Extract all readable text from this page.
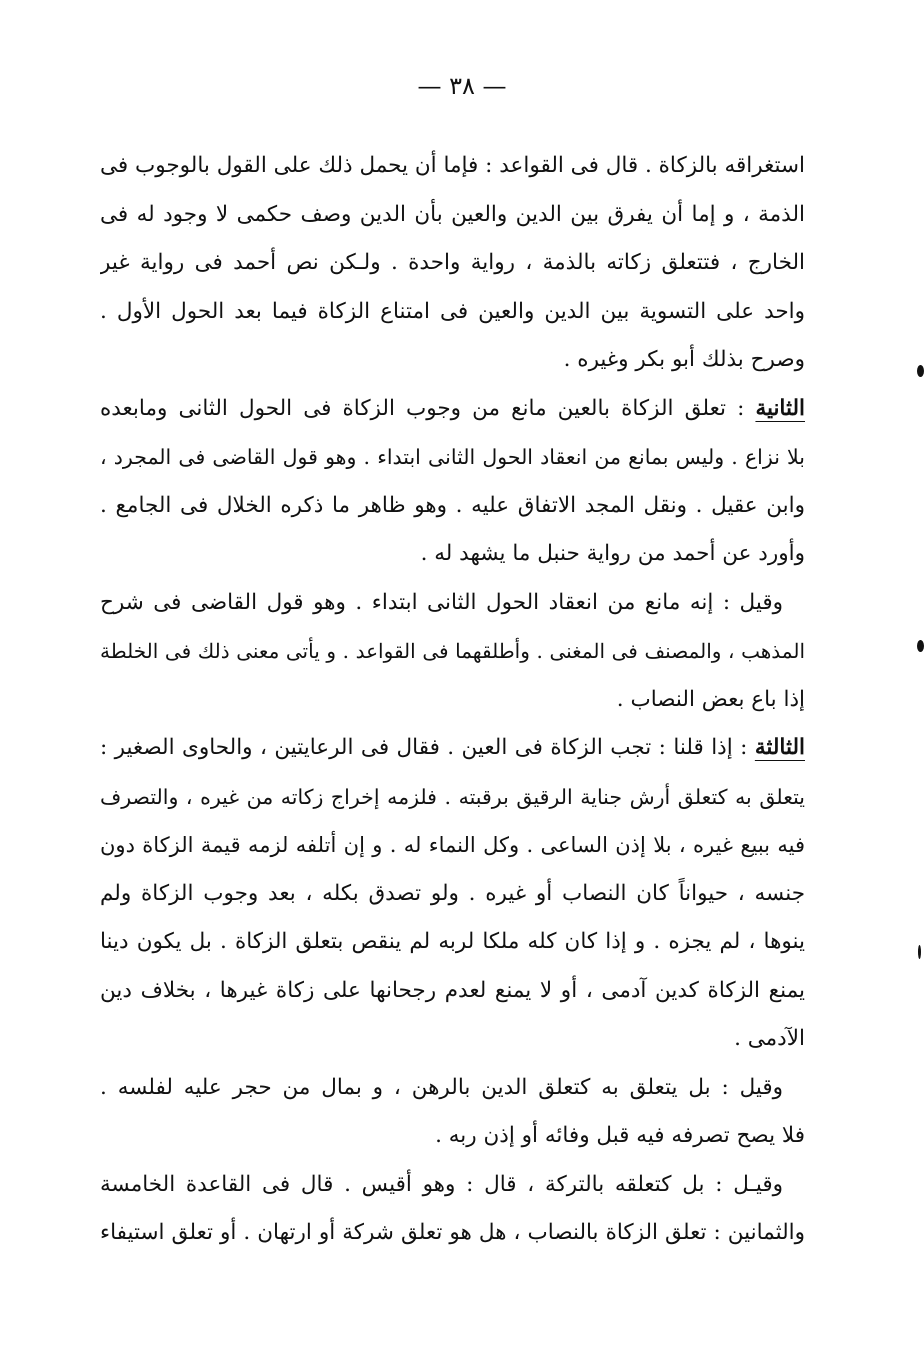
— ٣٨ —
استغراقه بالزكاة . قال فى القواعد : فإما أن يحمل ذلك على القول بالوجوب فى
الذمة ، و إما أن يفرق بين الدين والعين بأن الدين وصف حكمى لا وجود له فى
الخارج ، فتتعلق زكاته بالذمة ، رواية واحدة . ولـكن نص أحمد فى رواية غير
واحد على التسوية بين الدين والعين فى امتناع الزكاة فيما بعد الحول الأول .
وصرح بذلك أبو بكر وغيره .
الثانية : تعلق الزكاة بالعين مانع من وجوب الزكاة فى الحول الثانى ومابعده
بلا نزاع . وليس بمانع من انعقاد الحول الثانى ابتداء . وهو قول القاضى فى المجرد ،
وابن عقيل . ونقل المجد الاتفاق عليه . وهو ظاهر ما ذكره الخلال فى الجامع .
وأورد عن أحمد من رواية حنبل ما يشهد له .
وقيل : إنه مانع من انعقاد الحول الثانى ابتداء . وهو قول القاضى فى شرح
المذهب ، والمصنف فى المغنى . وأطلقهما فى القواعد . و يأتى معنى ذلك فى الخلطة
إذا باع بعض النصاب .
الثالثة : إذا قلنا : تجب الزكاة فى العين . فقال فى الرعايتين ، والحاوى الصغير :
يتعلق به كتعلق أرش جناية الرقيق برقبته . فلزمه إخراج زكاته من غيره ، والتصرف
فيه ببيع غيره ، بلا إذن الساعى . وكل النماء له . و إن أتلفه لزمه قيمة الزكاة دون
جنسه ، حيواناً كان النصاب أو غيره . ولو تصدق بكله ، بعد وجوب الزكاة ولم
ينوها ، لم يجزه . و إذا كان كله ملكا لربه لم ينقص بتعلق الزكاة . بل يكون دينا
يمنع الزكاة كدين آدمى ، أو لا يمنع لعدم رجحانها على زكاة غيرها ، بخلاف دين
الآدمى .
وقيل : بل يتعلق به كتعلق الدين بالرهن ، و بمال من حجر عليه لفلسه .
فلا يصح تصرفه فيه قبل وفائه أو إذن ربه .
وقيـل : بل كتعلقه بالتركة ، قال : وهو أقيس . قال فى القاعدة الخامسة
والثمانين : تعلق الزكاة بالنصاب ، هل هو تعلق شركة أو ارتهان . أو تعلق استيفاء
